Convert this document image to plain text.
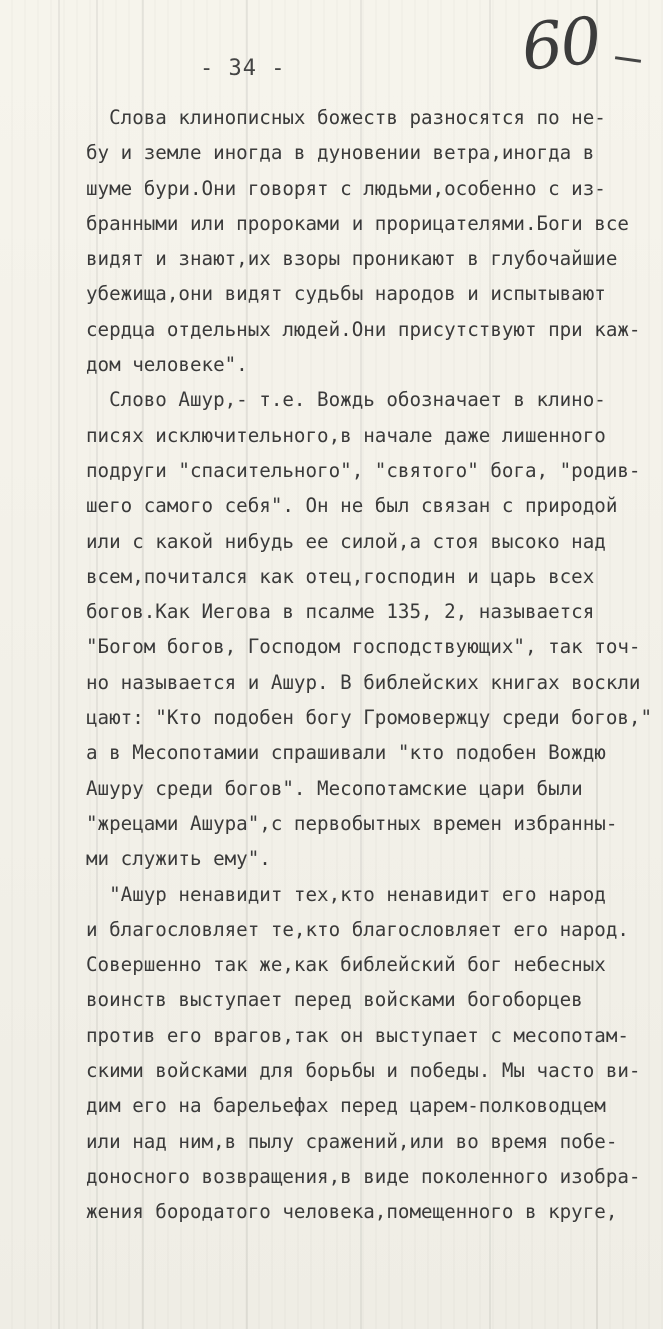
- 34 -	60
Слова клинописных божеств разносятся по не-
бу и земле иногда в дуновении ветра,иногда в
шуме бури.Они говорят с людьми,особенно с из-
бранными или пророками и прорицателями.Боги все
видят и знают,их взоры проникают в глубочайшие
убежища,они видят судьбы народов и испытывают
сердца отдельных людей.Они присутствуют при каж-
дом человеке".
Слово Ашур,- т.е. Вождь обозначает в клино-
писях исключительного,в начале даже лишенного
подруги "спасительного", "святого" бога, "родив-
шего самого себя". Он не был связан с природой
или с какой нибудь ее силой,а стоя высоко над
всем,почитался как отец,господин и царь всех
богов.Как Иегова в псалме 135, 2, называется
"Богом богов, Господом господствующих", так точ-
но называется и Ашур. В библейских книгах воскли
цают: "Кто подобен богу Громовержцу среди богов,"
а в Месопотамии спрашивали "кто подобен Вождю
Ашуру среди богов". Месопотамские цари были
"жрецами Ашура",с первобытных времен избранны-
ми служить ему".
"Ашур ненавидит тех,кто ненавидит его народ
и благословляет те,кто благословляет его народ.
Совершенно так же,как библейский бог небесных
воинств выступает перед войсками богоборцев
против его врагов,так он выступает с месопотам-
скими войсками для борьбы и победы. Мы часто ви-
дим его на барельефах перед царем-полководцем
или над ним,в пылу сражений,или во время побе-
доносного возвращения,в виде поколенного изобра-
жения бородатого человека,помещенного в круге,
